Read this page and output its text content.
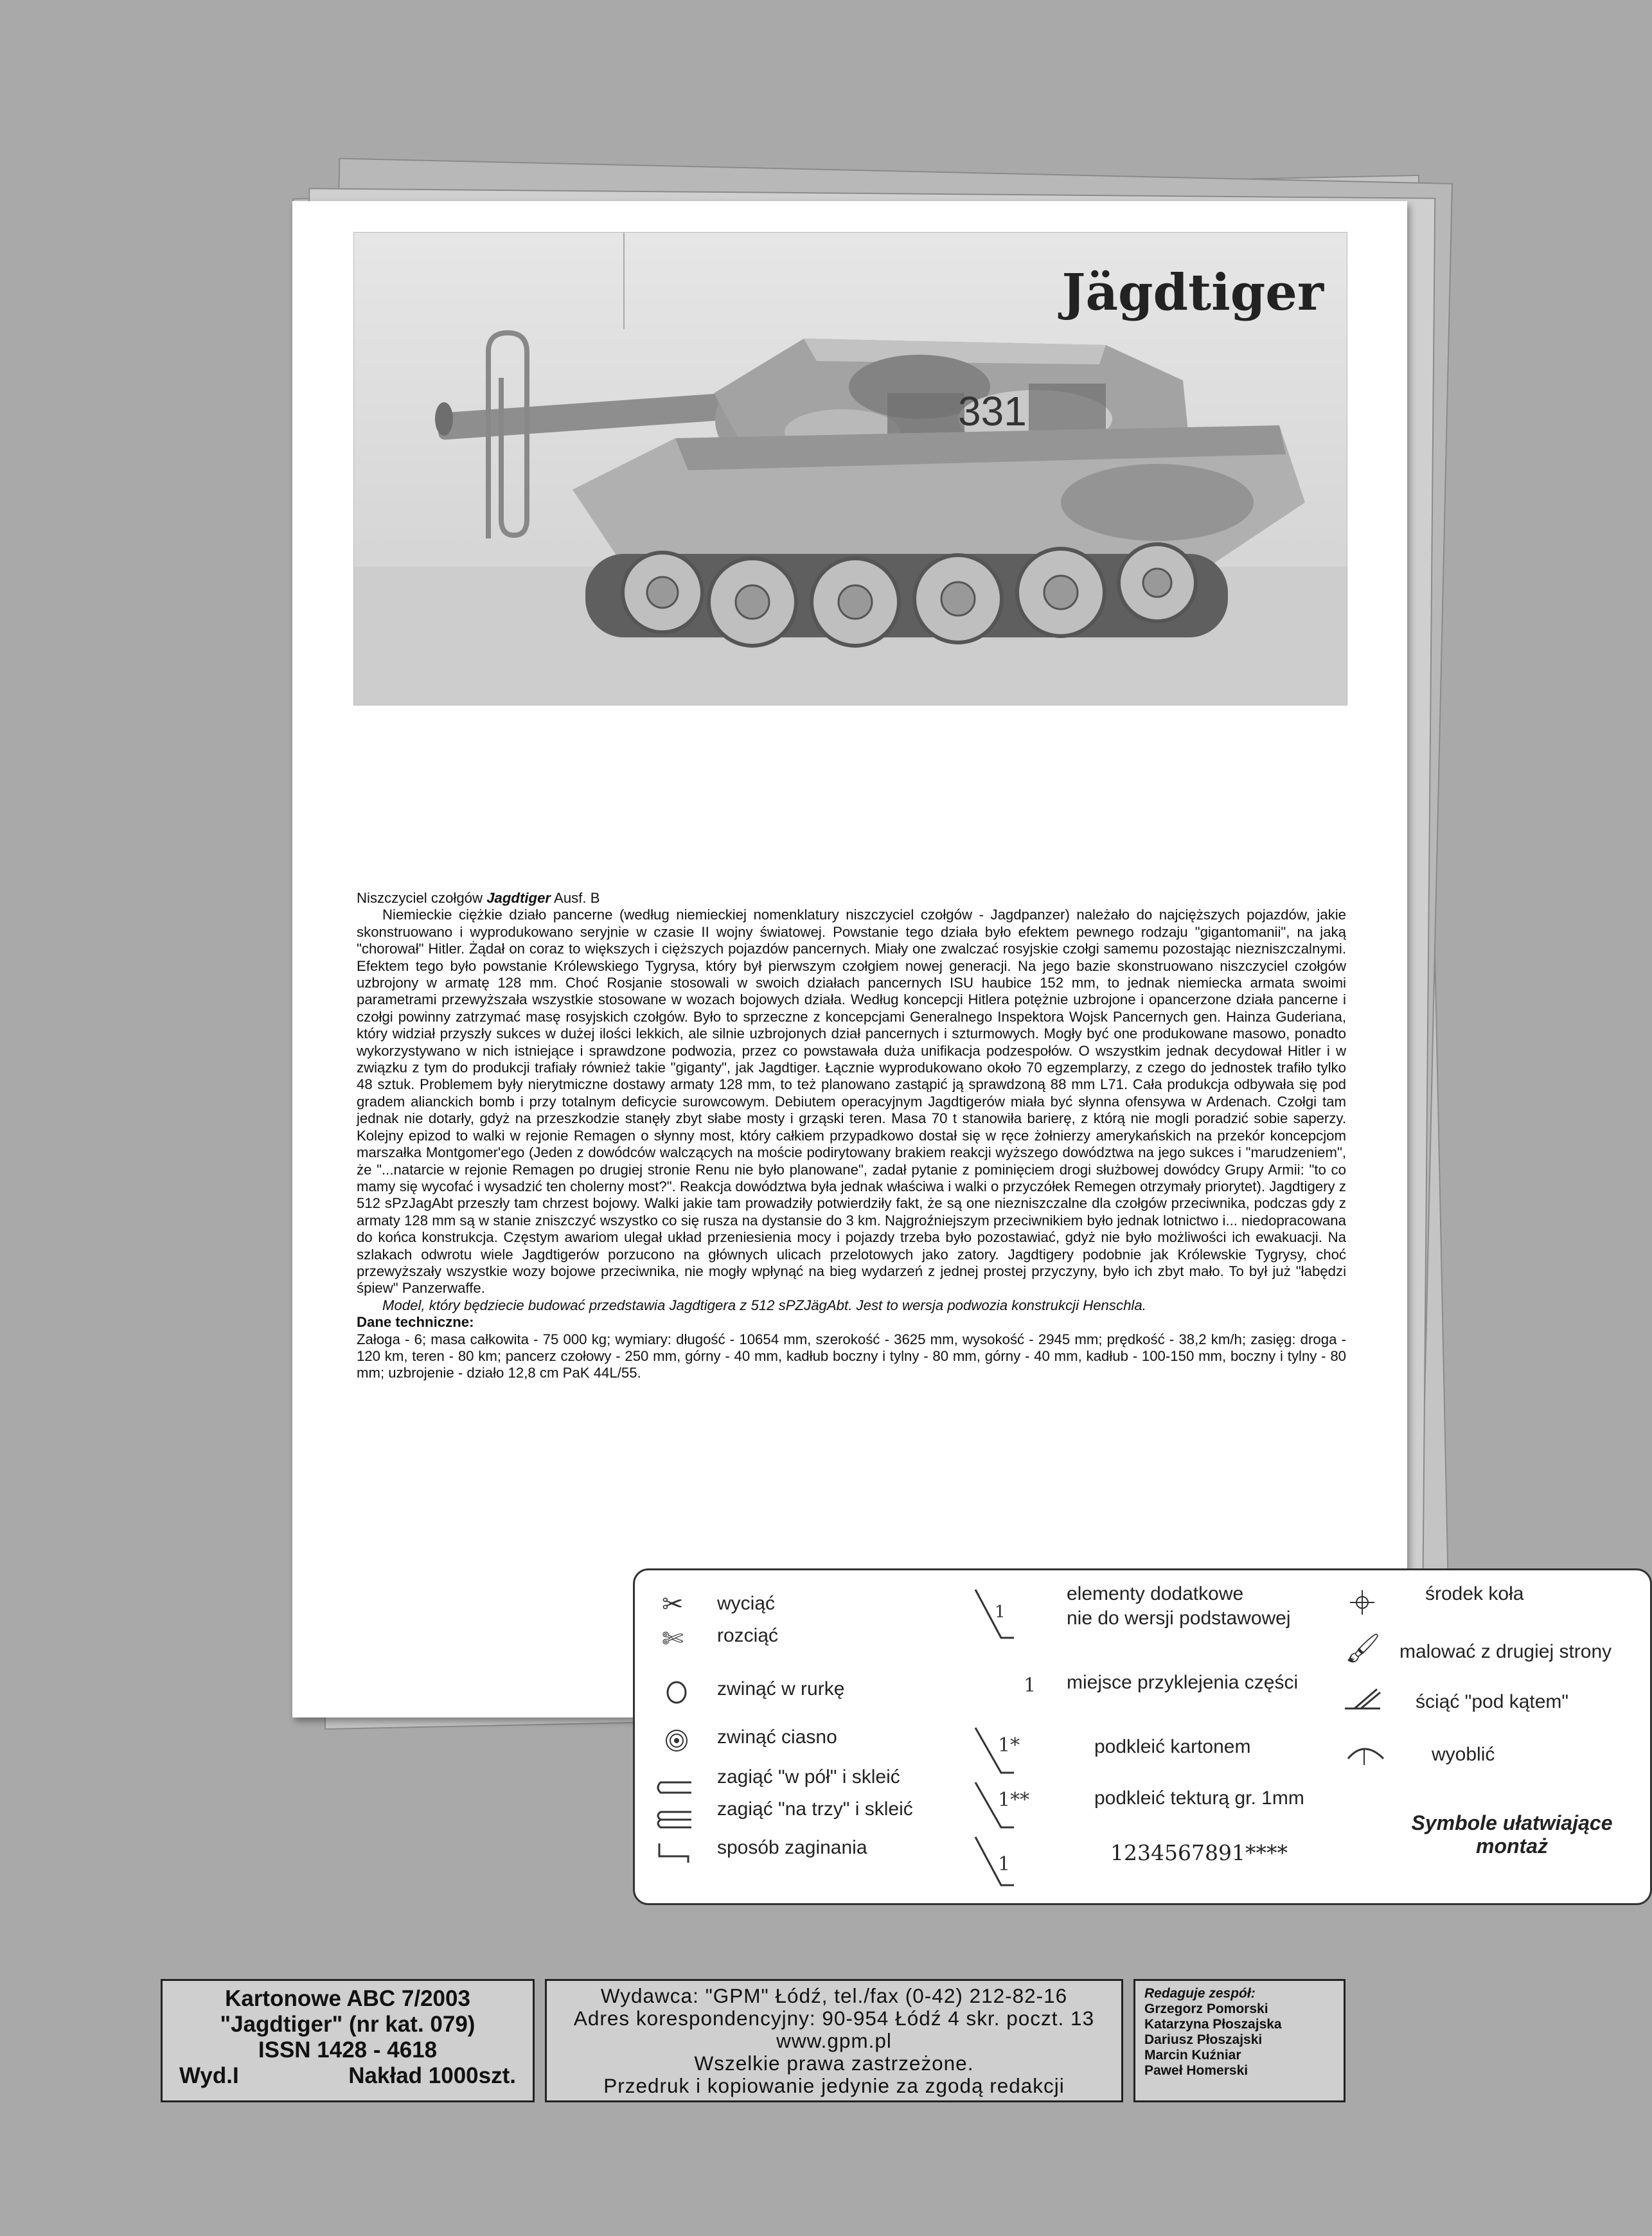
331
Jägdtiger

Niszczyciel czołgów Jagdtiger Ausf. B

Niemieckie ciężkie działo pancerne (według niemieckiej nomenklatury niszczyciel czołgów - Jagdpanzer) należało do najcięższych pojazdów, jakie skonstruowano i wyprodukowano seryjnie w czasie II wojny światowej. Powstanie tego działa było efektem pewnego rodzaju "gigantomanii", na jaką "chorował" Hitler. Żądał on coraz to większych i cięższych pojazdów pancernych. Miały one zwalczać rosyjskie czołgi samemu pozostając niezniszczalnymi. Efektem tego było powstanie Królewskiego Tygrysa, który był pierwszym czołgiem nowej generacji. Na jego bazie skonstruowano niszczyciel czołgów uzbrojony w armatę 128 mm. Choć Rosjanie stosowali w swoich działach pancernych ISU haubice 152 mm, to jednak niemiecka armata swoimi parametrami przewyższała wszystkie stosowane w wozach bojowych działa. Według koncepcji Hitlera potężnie uzbrojone i opancerzone działa pancerne i czołgi powinny zatrzymać masę rosyjskich czołgów. Było to sprzeczne z koncepcjami Generalnego Inspektora Wojsk Pancernych gen. Hainza Guderiana, który widział przyszły sukces w dużej ilości lekkich, ale silnie uzbrojonych dział pancernych i szturmowych. Mogły być one produkowane masowo, ponadto wykorzystywano w nich istniejące i sprawdzone podwozia, przez co powstawała duża unifikacja podzespołów. O wszystkim jednak decydował Hitler i w związku z tym do produkcji trafiały również takie "giganty", jak Jagdtiger. Łącznie wyprodukowano około 70 egzemplarzy, z czego do jednostek trafiło tylko 48 sztuk. Problemem były nierytmiczne dostawy armaty 128 mm, to też planowano zastąpić ją sprawdzoną 88 mm L71. Cała produkcja odbywała się pod gradem alianckich bomb i przy totalnym deficycie surowcowym. Debiutem operacyjnym Jagdtigerów miała być słynna ofensywa w Ardenach. Czołgi tam jednak nie dotarły, gdyż na przeszkodzie stanęły zbyt słabe mosty i grząski teren. Masa 70 t stanowiła barierę, z którą nie mogli poradzić sobie saperzy. Kolejny epizod to walki w rejonie Remagen o słynny most, który całkiem przypadkowo dostał się w ręce żołnierzy amerykańskich na przekór koncepcjom marszałka Montgomer'ego (Jeden z dowódców walczących na moście podirytowany brakiem reakcji wyższego dowództwa na jego sukces i "marudzeniem", że "...natarcie w rejonie Remagen po drugiej stronie Renu nie było planowane", zadał pytanie z pominięciem drogi służbowej dowódcy Grupy Armii: "to co mamy się wycofać i wysadzić ten cholerny most?". Reakcja dowództwa była jednak właściwa i walki o przyczółek Remegen otrzymały priorytet). Jagdtigery z 512 sPzJagAbt przeszły tam chrzest bojowy. Walki jakie tam prowadziły potwierdziły fakt, że są one niezniszczalne dla czołgów przeciwnika, podczas gdy z armaty 128 mm są w stanie zniszczyć wszystko co się rusza na dystansie do 3 km. Najgroźniejszym przeciwnikiem było jednak lotnictwo i... niedopracowana do końca konstrukcja. Częstym awariom ulegał układ przeniesienia mocy i pojazdy trzeba było pozostawiać, gdyż nie było możliwości ich ewakuacji. Na szlakach odwrotu wiele Jagdtigerów porzucono na głównych ulicach przelotowych jako zatory. Jagdtigery podobnie jak Królewskie Tygrysy, choć przewyższały wszystkie wozy bojowe przeciwnika, nie mogły wpłynąć na bieg wydarzeń z jednej prostej przyczyny, było ich zbyt mało. To był już "łabędzi śpiew" Panzerwaffe.

Model, który będziecie budować przedstawia Jagdtigera z 512 sPZJägAbt. Jest to wersja podwozia konstrukcji Henschla.

Dane techniczne:

Załoga - 6; masa całkowita - 75 000 kg; wymiary: długość - 10654 mm, szerokość - 3625 mm, wysokość - 2945 mm; prędkość - 38,2 km/h; zasięg: droga - 120 km, teren - 80 km; pancerz czołowy - 250 mm, górny - 40 mm, kadłub boczny i tylny - 80 mm, górny - 40 mm, kadłub - 100-150 mm, boczny i tylny - 80 mm; uzbrojenie - działo 12,8 cm PaK 44L/55.

✂
✄
wyciąć
rozciąć
zwinąć w rurkę
zwinąć ciasno
zagiąć "w pół" i skleić
zagiąć "na trzy" i skleić
sposób zaginania
1
1
1*
1**
1
elementy dodatkowe
nie do wersji podstawowej
miejsce przyklejenia części
podkleić kartonem
podkleić tekturą gr. 1mm
1234567891****
🖌
środek koła
malować z drugiej strony
ściąć "pod kątem"
wyoblić
Symbole ułatwiające montaż
Kartonowe ABC 7/2003
"Jagdtiger" (nr kat. 079)
ISSN 1428 - 4618
Wyd.I	Nakład 1000szt.
Wydawca: "GPM" Łódź, tel./fax (0-42) 212-82-16
Adres korespondencyjny: 90-954 Łódź 4 skr. poczt. 13
www.gpm.pl
Wszelkie prawa zastrzeżone.
Przedruk i kopiowanie jedynie za zgodą redakcji
Redaguje zespół:
Grzegorz Pomorski
Katarzyna Płoszajska
Dariusz Płoszajski
Marcin Kuźniar
Paweł Homerski
